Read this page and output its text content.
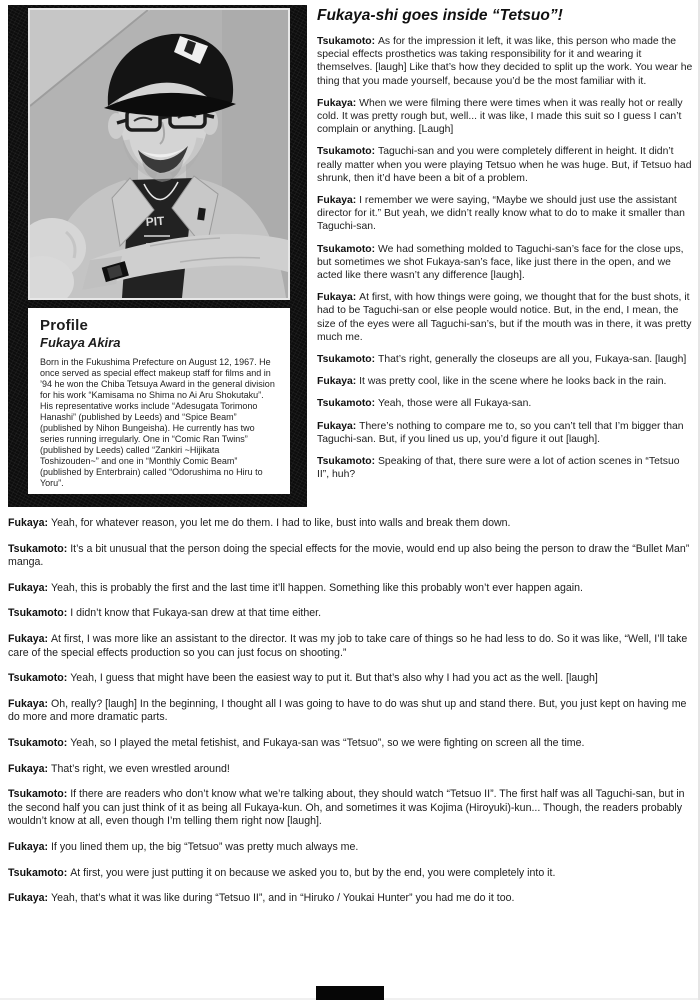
PIT
Profile
Fukaya Akira
Born in the Fukushima Prefecture on August 12, 1967. He once served as special effect makeup staff for films and in ’94 he won the Chiba Tetsuya Award in the general division for his work “Kamisama no Shima no Ai Aru Shokutaku”. His representative works include “Adesugata Torimono Hanashi” (published by Leeds) and “Spice Beam” (published by Nihon Bungeisha). He currently has two series running irregularly. One in “Comic Ran Twins” (published by Leeds) called “Zankiri ~Hijikata Toshizouden~” and one in “Monthly Comic Beam” (published by Enterbrain) called “Odorushima no Hiru to Yoru”.
Fukaya-shi goes inside “Tetsuo”!

Tsukamoto: As for the impression it left, it was like, this person who made the special effects prosthetics was taking responsibility for it and wearing it themselves. [laugh] Like that’s how they decided to split up the work. You wear he thing that you made yourself, because you’d be the most familiar with it.

Fukaya: When we were filming there were times when it was really hot or really cold. It was pretty rough but, well... it was like, I made this suit so I guess I can’t complain or anything. [Laugh]

Tsukamoto: Taguchi-san and you were completely different in height. It didn’t really matter when you were playing Tetsuo when he was huge. But, if Tetsuo had shrunk, then it’d have been a bit of a problem.

Fukaya: I remember we were saying, “Maybe we should just use the assistant director for it.” But yeah, we didn’t really know what to do to make it smaller than Taguchi-san.

Tsukamoto: We had something molded to Taguchi-san’s face for the close ups, but sometimes we shot Fukaya-san’s face, like just there in the open, and we acted like there wasn’t any difference [laugh].

Fukaya: At first, with how things were going, we thought that for the bust shots, it had to be Taguchi-san or else people would notice. But, in the end, I mean, the size of the eyes were all Taguchi-san’s, but if the mouth was in there, it was pretty much me.

Tsukamoto: That’s right, generally the closeups are all you, Fukaya-san. [laugh]

Fukaya: It was pretty cool, like in the scene where he looks back in the rain.

Tsukamoto: Yeah, those were all Fukaya-san.

Fukaya: There’s nothing to compare me to, so you can’t tell that I’m bigger than Taguchi-san. But, if you lined us up, you’d figure it out [laugh].

Tsukamoto: Speaking of that, there sure were a lot of action scenes in “Tetsuo II”, huh?

Fukaya: Yeah, for whatever reason, you let me do them. I had to like, bust into walls and break them down.

Tsukamoto: It’s a bit unusual that the person doing the special effects for the movie, would end up also being the person to draw the “Bullet Man” manga.

Fukaya: Yeah, this is probably the first and the last time it’ll happen. Something like this probably won’t ever happen again.

Tsukamoto: I didn’t know that Fukaya-san drew at that time either.

Fukaya: At first, I was more like an assistant to the director. It was my job to take care of things so he had less to do. So it was like, “Well, I’ll take care of the special effects production so you can just focus on shooting.”

Tsukamoto: Yeah, I guess that might have been the easiest way to put it. But that’s also why I had you act as the well. [laugh]

Fukaya: Oh, really? [laugh] In the beginning, I thought all I was going to have to do was shut up and stand there. But, you just kept on having me do more and more dramatic parts.

Tsukamoto: Yeah, so I played the metal fetishist, and Fukaya-san was “Tetsuo”, so we were fighting on screen all the time.

Fukaya: That’s right, we even wrestled around!

Tsukamoto: If there are readers who don’t know what we’re talking about, they should watch “Tetsuo II”. The first half was all Taguchi-san, but in the second half you can just think of it as being all Fukaya-kun. Oh, and sometimes it was Kojima (Hiroyuki)-kun... Though, the readers probably wouldn’t know at all, even though I’m telling them right now [laugh].

Fukaya: If you lined them up, the big “Tetsuo” was pretty much always me.

Tsukamoto: At first, you were just putting it on because we asked you to, but by the end, you were completely into it.

Fukaya: Yeah, that’s what it was like during “Tetsuo II”, and in “Hiruko / Youkai Hunter” you had me do it too.
